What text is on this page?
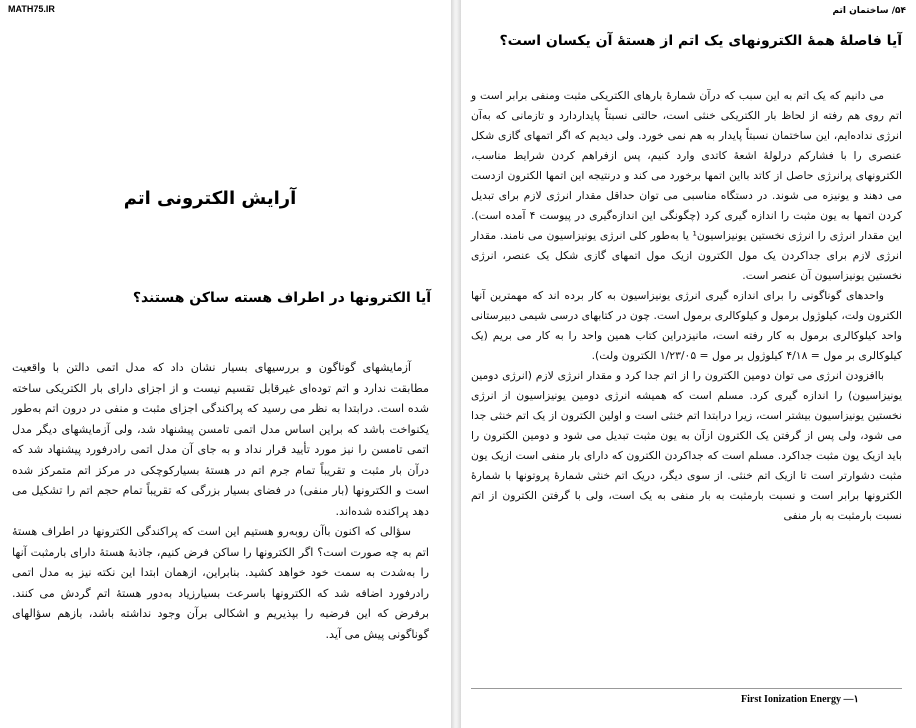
MATH75.IR
آرایش الکترونی اتم
آیا الکترونها در اطراف هسته ساکن هستند؟

آزمایشهای گوناگون و بررسیهای بسیار نشان داد که مدل اتمی دالتن با واقعیت مطابقت ندارد و اتم توده‌ای غیرقابل تقسیم نیست و از اجزای دارای بار الکتریکی ساخته شده است. درابتدا به نظر می رسید که پراکندگی اجزای مثبت و منفی در درون اتم به‌طور یکنواخت باشد که براین اساس مدل اتمی تامسن پیشنهاد شد، ولی آزمایشهای دیگر مدل اتمی تامسن را نیز مورد تأیید قرار نداد و به جای آن مدل اتمی رادرفورد پیشنهاد شد که درآن بار مثبت و تقریباً تمام جرم اتم در هستهٔ بسیارکوچکی در مرکز اتم متمرکز شده است و الکترونها (بار منفی) در فضای بسیار بزرگی که تقریباً تمام حجم اتم را تشکیل می دهد پراکنده شده‌اند.

سؤالی که اکنون باآن روبه‌رو هستیم این است که پراکندگی الکترونها در اطراف هستهٔ اتم به چه صورت است؟ اگر الکترونها را ساکن فرض کنیم، جاذبهٔ هستهٔ دارای بارمثبت آنها را به‌شدت به سمت خود خواهد کشید. بنابراین، ازهمان ابتدا این نکته نیز به مدل اتمی رادرفورد اضافه شد که الکترونها باسرعت بسیارزیاد به‌دور هستهٔ اتم گردش می کنند. برفرض که این فرضیه را بپذیریم و اشکالی برآن وجود نداشته باشد، بازهم سؤالهای گوناگونی پیش می آید.

۵۴/ ساختمان اتم
آیا فاصلهٔ همهٔ الکترونهای یک اتم از هستهٔ آن یکسان است؟

می دانیم که یک اتم به این سبب که درآن شمارهٔ بارهای الکتریکی مثبت ومنفی برابر است و اتم روی هم رفته از لحاظ بار الکتریکی خنثی است، حالتی نسبتاً پایداردارد و تازمانی که به‌آن انرژی نداده‌ایم، این ساختمان نسبتاً پایدار به هم نمی خورد. ولی دیدیم که اگر اتمهای گازی شکل عنصری را با فشارکم درلولهٔ اشعهٔ کاتدی وارد کنیم، پس ازفراهم کردن شرایط مناسب، الکترونهای پرانرژی حاصل از کاتد بااین اتمها برخورد می کند و درنتیجه این اتمها الکترون ازدست می دهند و یونیزه می شوند. در دستگاه مناسبی می توان حداقل مقدار انرژی لازم برای تبدیل کردن اتمها به یون مثبت را اندازه گیری کرد (چگونگی این اندازه‌گیری در پیوست ۴ آمده است). این مقدار انرژی را انرژی نخستین یونیزاسیون¹ یا به‌طور کلی انرژی یونیزاسیون می نامند. مقدار انرژی لازم برای جداکردن یک مول الکترون ازیک مول اتمهای گازی شکل یک عنصر، انرژی نخستین یونیزاسیون آن عنصر است.

واحدهای گوناگونی را برای اندازه گیری انرژی یونیزاسیون به کار برده اند که مهمترین آنها الکترون ولت، کیلوژول برمول و کیلوکالری برمول است. چون در کتابهای درسی شیمی دبیرستانی واحد کیلوکالری برمول به کار رفته است، مانیزدراین کتاب همین واحد را به کار می بریم (یک کیلوکالری بر مول = ۴/۱۸ کیلوژول بر مول = ۱/۲۳/۰۵ الکترون ولت).

باافزودن انرژی می توان دومین الکترون را از اتم جدا کرد و مقدار انرژی لازم (انرژی دومین یونیزاسیون) را اندازه گیری کرد. مسلم است که همیشه انرژی دومین یونیزاسیون از انرژی نخستین یونیزاسیون بیشتر است، زیرا درابتدا اتم خنثی است و اولین الکترون از یک اتم خنثی جدا می شود، ولی پس از گرفتن یک الکترون ازآن به یون مثبت تبدیل می شود و دومین الکترون را باید ازیک یون مثبت جداکرد. مسلم است که جداکردن الکترون که دارای بار منفی است ازیک یون مثبت دشوارتر است تا ازیک اتم خنثی. از سوی دیگر، دریک اتم خنثی شمارهٔ پروتونها با شمارهٔ الکترونها برابر است و نسبت بارمثبت به بار منفی به یک است، ولی با گرفتن الکترون از اتم نسبت بارمثبت به بار منفی

First Ionization Energy —۱
